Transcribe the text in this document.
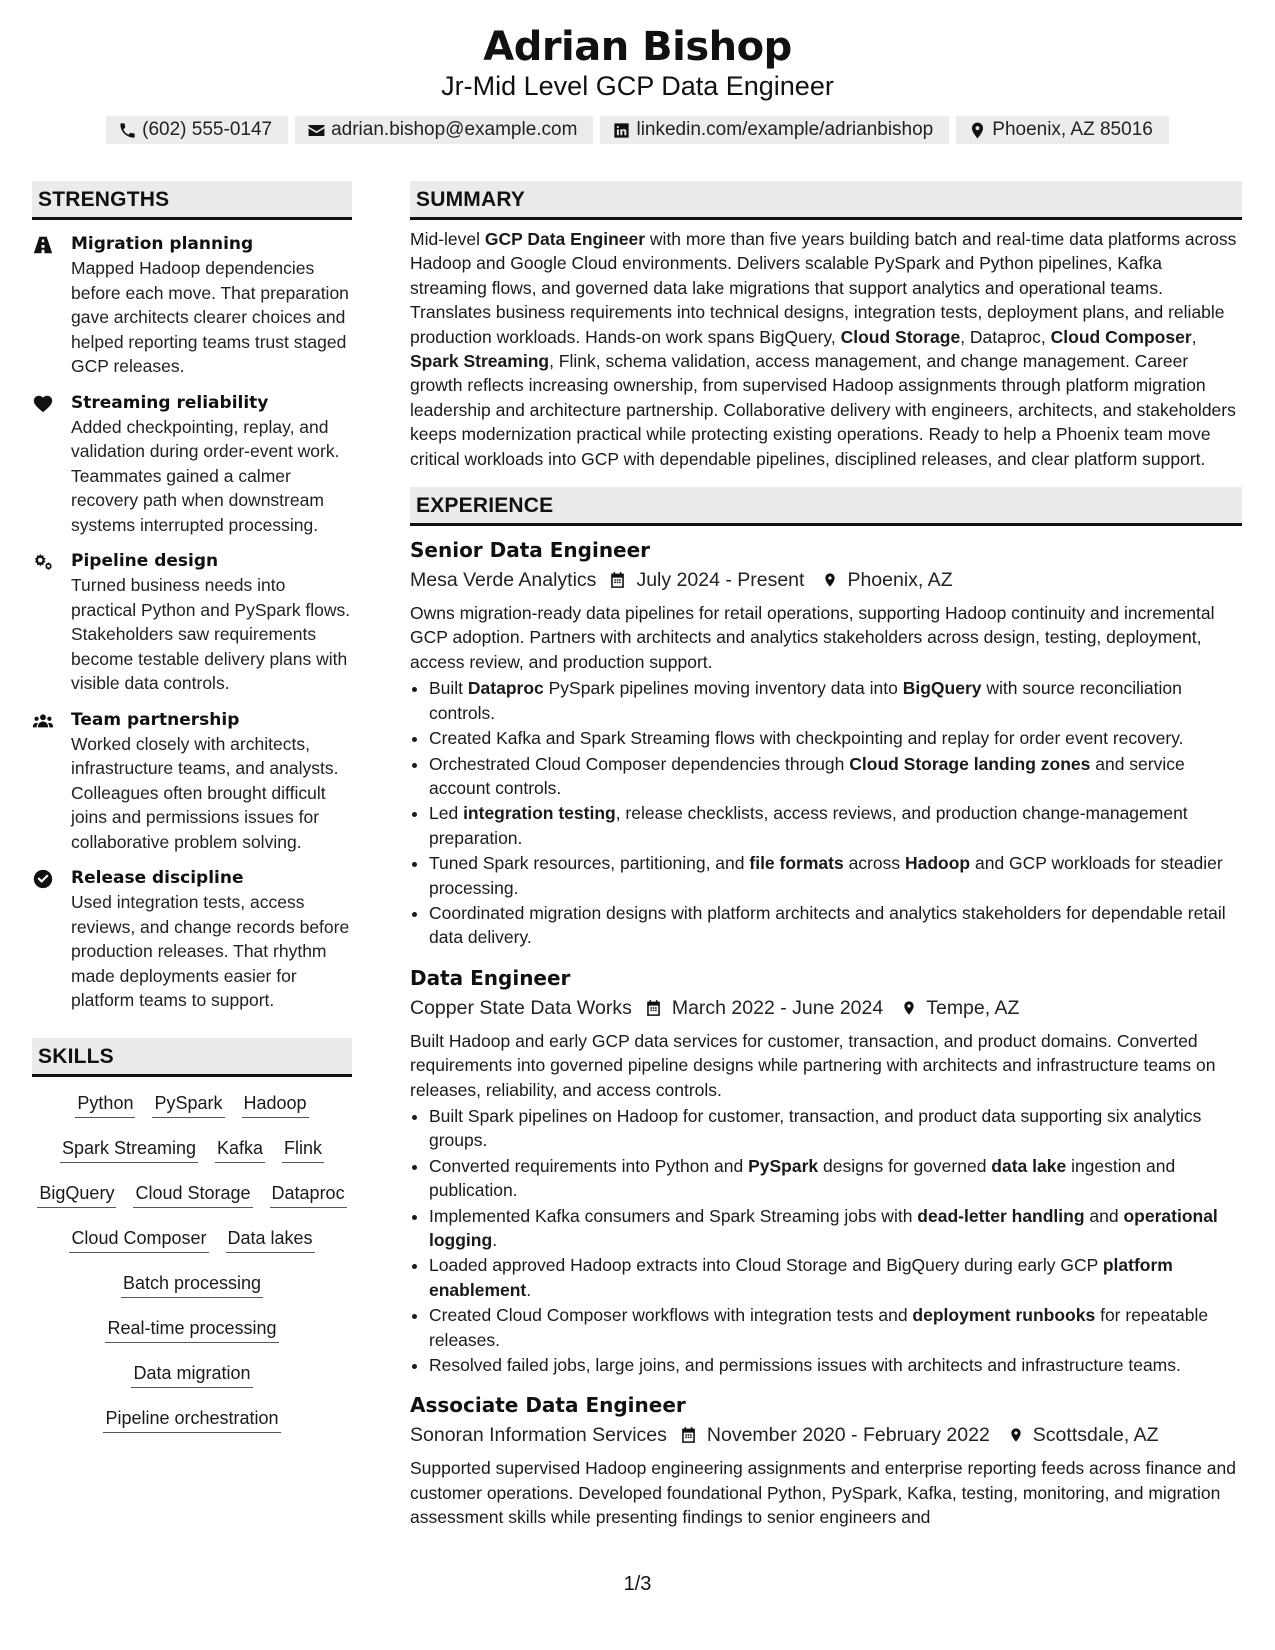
Adrian Bishop
Jr-Mid Level GCP Data Engineer
(602) 555-0147	adrian.bishop@example.com	linkedin.com/example/adrianbishop	Phoenix, AZ 85016
STRENGTHS
Migration planning
Mapped Hadoop dependencies before each move. That preparation gave architects clearer choices and helped reporting teams trust staged GCP releases.
Streaming reliability
Added checkpointing, replay, and validation during order-event work. Teammates gained a calmer recovery path when downstream systems interrupted processing.
Pipeline design
Turned business needs into practical Python and PySpark flows. Stakeholders saw requirements become testable delivery plans with visible data controls.
Team partnership
Worked closely with architects, infrastructure teams, and analysts. Colleagues often brought difficult joins and permissions issues for collaborative problem solving.
Release discipline
Used integration tests, access reviews, and change records before production releases. That rhythm made deployments easier for platform teams to support.
SKILLS
Python PySpark Hadoop
Spark Streaming Kafka Flink
BigQuery Cloud Storage Dataproc
Cloud Composer Data lakes
Batch processing
Real-time processing
Data migration
Pipeline orchestration
SUMMARY
Mid-level GCP Data Engineer with more than five years building batch and real-time data platforms across Hadoop and Google Cloud environments. Delivers scalable PySpark and Python pipelines, Kafka streaming flows, and governed data lake migrations that support analytics and operational teams. Translates business requirements into technical designs, integration tests, deployment plans, and reliable production workloads. Hands-on work spans BigQuery, Cloud Storage, Dataproc, Cloud Composer, Spark Streaming, Flink, schema validation, access management, and change management. Career growth reflects increasing ownership, from supervised Hadoop assignments through platform migration leadership and architecture partnership. Collaborative delivery with engineers, architects, and stakeholders keeps modernization practical while protecting existing operations. Ready to help a Phoenix team move critical workloads into GCP with dependable pipelines, disciplined releases, and clear platform support.
EXPERIENCE
Senior Data Engineer
Mesa Verde Analytics July 2024 - Present Phoenix, AZ
Owns migration-ready data pipelines for retail operations, supporting Hadoop continuity and incremental GCP adoption. Partners with architects and analytics stakeholders across design, testing, deployment, access review, and production support.
• Built Dataproc PySpark pipelines moving inventory data into BigQuery with source reconciliation controls.
• Created Kafka and Spark Streaming flows with checkpointing and replay for order event recovery.
• Orchestrated Cloud Composer dependencies through Cloud Storage landing zones and service account controls.
• Led integration testing, release checklists, access reviews, and production change-management preparation.
• Tuned Spark resources, partitioning, and file formats across Hadoop and GCP workloads for steadier processing.
• Coordinated migration designs with platform architects and analytics stakeholders for dependable retail data delivery.
Data Engineer
Copper State Data Works March 2022 - June 2024 Tempe, AZ
Built Hadoop and early GCP data services for customer, transaction, and product domains. Converted requirements into governed pipeline designs while partnering with architects and infrastructure teams on releases, reliability, and access controls.
• Built Spark pipelines on Hadoop for customer, transaction, and product data supporting six analytics groups.
• Converted requirements into Python and PySpark designs for governed data lake ingestion and publication.
• Implemented Kafka consumers and Spark Streaming jobs with dead-letter handling and operational logging.
• Loaded approved Hadoop extracts into Cloud Storage and BigQuery during early GCP platform enablement.
• Created Cloud Composer workflows with integration tests and deployment runbooks for repeatable releases.
• Resolved failed jobs, large joins, and permissions issues with architects and infrastructure teams.
Associate Data Engineer
Sonoran Information Services November 2020 - February 2022 Scottsdale, AZ
Supported supervised Hadoop engineering assignments and enterprise reporting feeds across finance and customer operations. Developed foundational Python, PySpark, Kafka, testing, monitoring, and migration assessment skills while presenting findings to senior engineers and
1/3
